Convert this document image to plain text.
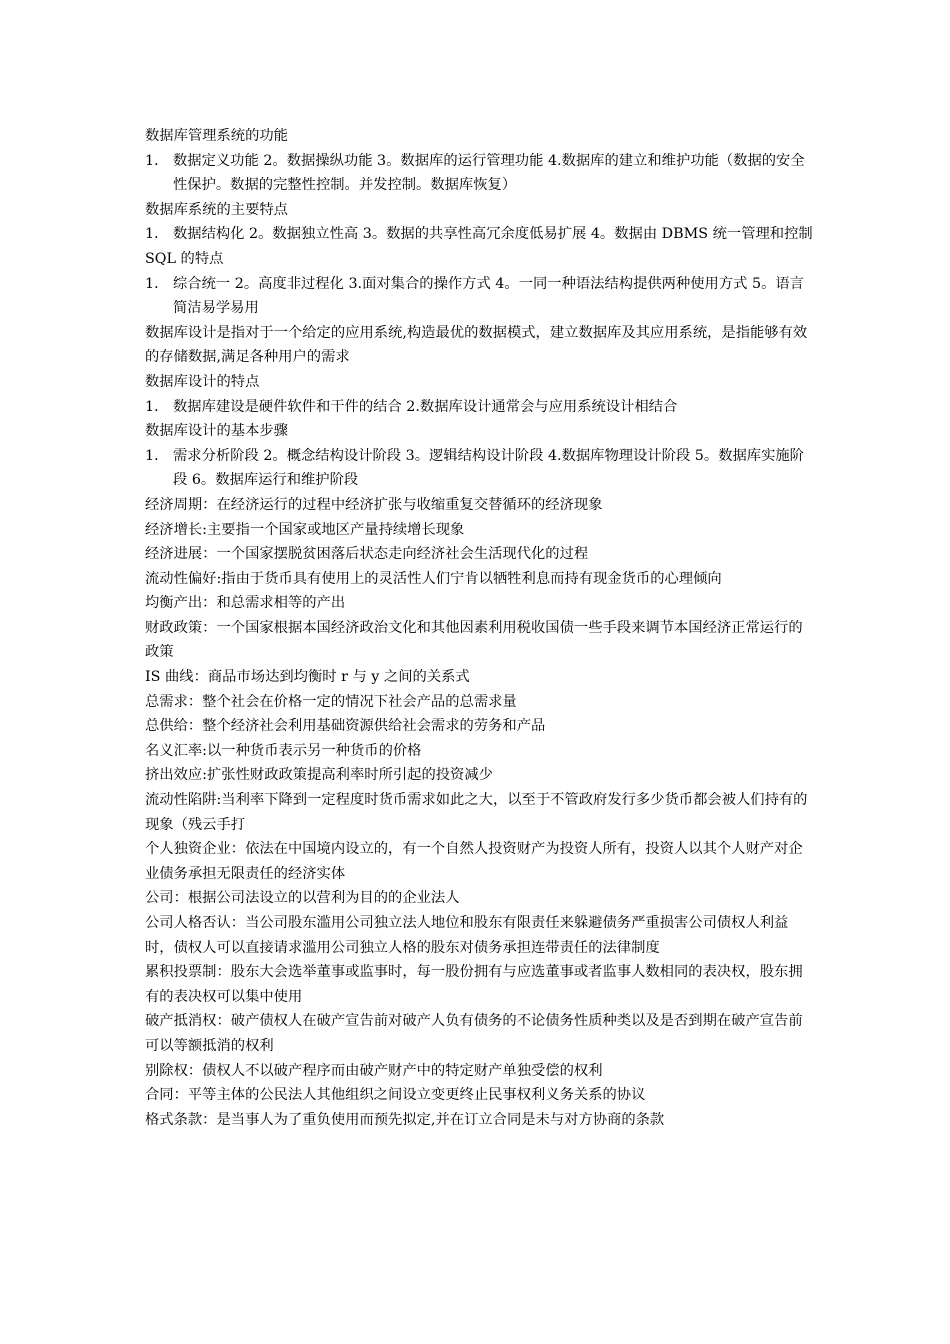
数据库管理系统的功能

1． 数据定义功能 2。数据操纵功能 3。数据库的运行管理功能 4.数据库的建立和维护功能（数据的安全性保护。数据的完整性控制。并发控制。数据库恢复）

数据库系统的主要特点

1． 数据结构化 2。数据独立性高 3。数据的共享性高冗余度低易扩展 4。数据由 DBMS 统一管理和控制

SQL 的特点

1． 综合统一 2。高度非过程化 3.面对集合的操作方式 4。一同一种语法结构提供两种使用方式 5。语言简洁易学易用

数据库设计是指对于一个给定的应用系统,构造最优的数据模式，建立数据库及其应用系统，是指能够有效的存储数据,满足各种用户的需求

数据库设计的特点

1． 数据库建设是硬件软件和干件的结合 2.数据库设计通常会与应用系统设计相结合

数据库设计的基本步骤

1． 需求分析阶段 2。概念结构设计阶段 3。逻辑结构设计阶段 4.数据库物理设计阶段 5。数据库实施阶段 6。数据库运行和维护阶段

经济周期：在经济运行的过程中经济扩张与收缩重复交替循环的经济现象

经济增长:主要指一个国家或地区产量持续增长现象

经济进展：一个国家摆脱贫困落后状态走向经济社会生活现代化的过程

流动性偏好:指由于货币具有使用上的灵活性人们宁肯以牺牲利息而持有现金货币的心理倾向

均衡产出：和总需求相等的产出

财政政策：一个国家根据本国经济政治文化和其他因素利用税收国债一些手段来调节本国经济正常运行的政策

IS 曲线：商品市场达到均衡时 r 与 y 之间的关系式

总需求：整个社会在价格一定的情况下社会产品的总需求量

总供给：整个经济社会利用基础资源供给社会需求的劳务和产品

名义汇率:以一种货币表示另一种货币的价格

挤出效应:扩张性财政政策提高利率时所引起的投资减少

流动性陷阱:当利率下降到一定程度时货币需求如此之大，以至于不管政府发行多少货币都会被人们持有的现象（残云手打

个人独资企业：依法在中国境内设立的，有一个自然人投资财产为投资人所有，投资人以其个人财产对企业债务承担无限责任的经济实体

公司：根据公司法设立的以营利为目的的企业法人

公司人格否认：当公司股东滥用公司独立法人地位和股东有限责任来躲避债务严重损害公司债权人利益时，债权人可以直接请求滥用公司独立人格的股东对债务承担连带责任的法律制度

累积投票制：股东大会选举董事或监事时，每一股份拥有与应选董事或者监事人数相同的表决权，股东拥有的表决权可以集中使用

破产抵消权：破产债权人在破产宣告前对破产人负有债务的不论债务性质种类以及是否到期在破产宣告前可以等额抵消的权利

别除权：债权人不以破产程序而由破产财产中的特定财产单独受偿的权利

合同：平等主体的公民法人其他组织之间设立变更终止民事权利义务关系的协议

格式条款：是当事人为了重负使用而预先拟定,并在订立合同是未与对方协商的条款
